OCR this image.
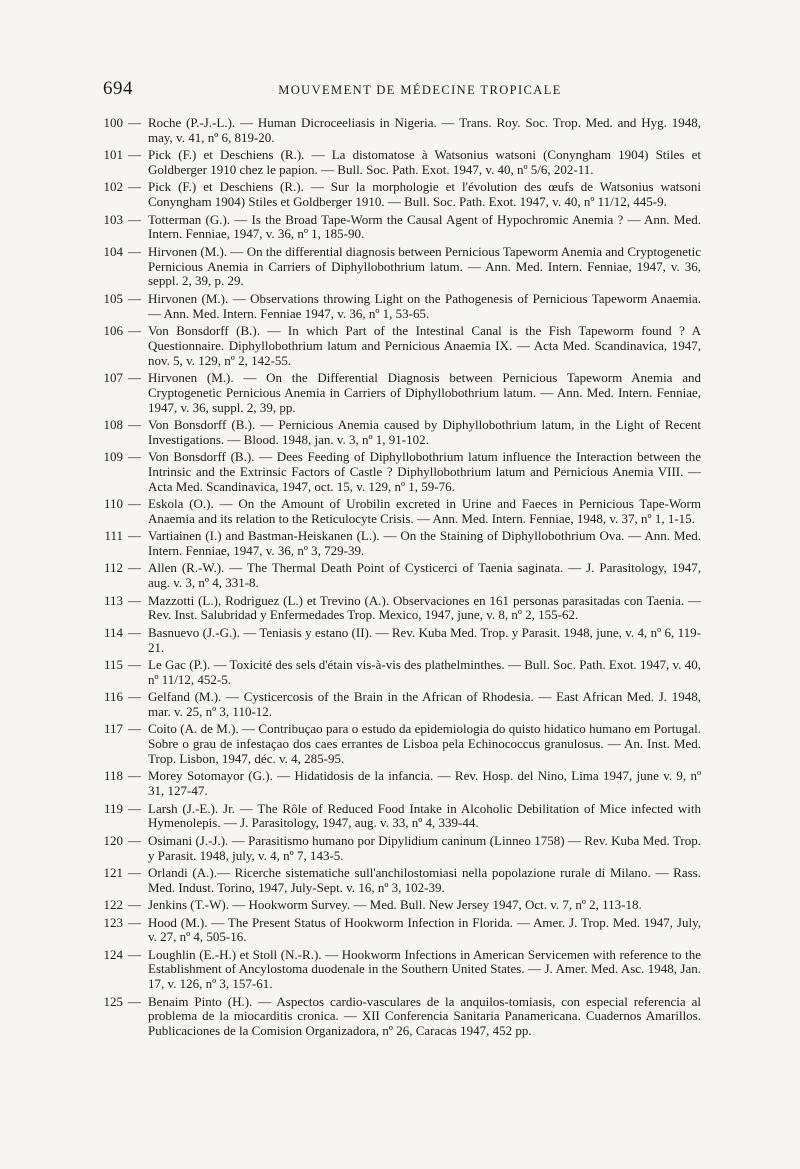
694	MOUVEMENT DE MÉDECINE TROPICALE
100 — Roche (P.-J.-L.). — Human Dicroceeliasis in Nigeria. — Trans. Roy. Soc. Trop. Med. and Hyg. 1948, may, v. 41, nº 6, 819-20.
101 — Pick (F.) et Deschiens (R.). — La distomatose à Watsonius watsoni (Conyngham 1904) Stiles et Goldberger 1910 chez le papion. — Bull. Soc. Path. Exot. 1947, v. 40, nº 5/6, 202-11.
102 — Pick (F.) et Deschiens (R.). — Sur la morphologie et l'évolution des œufs de Watsonius watsoni Conyngham 1904) Stiles et Goldberger 1910. — Bull. Soc. Path. Exot. 1947, v. 40, nº 11/12, 445-9.
103 — Totterman (G.). — Is the Broad Tape-Worm the Causal Agent of Hypochromic Anemia ? — Ann. Med. Intern. Fenniae, 1947, v. 36, nº 1, 185-90.
104 — Hirvonen (M.). — On the differential diagnosis between Pernicious Tapeworm Anemia and Cryptogenetic Pernicious Anemia in Carriers of Diphyllobothrium latum. — Ann. Med. Intern. Fenniae, 1947, v. 36, seppl. 2, 39, p. 29.
105 — Hirvonen (M.). — Observations throwing Light on the Pathogenesis of Pernicious Tapeworm Anaemia. — Ann. Med. Intern. Fenniae 1947, v. 36, nº 1, 53-65.
106 — Von Bonsdorff (B.). — In which Part of the Intestinal Canal is the Fish Tapeworm found ? A Questionnaire. Diphyllobothrium latum and Pernicious Anaemia IX. — Acta Med. Scandinavica, 1947, nov. 5, v. 129, nº 2, 142-55.
107 — Hirvonen (M.). — On the Differential Diagnosis between Pernicious Tapeworm Anemia and Cryptogenetic Pernicious Anemia in Carriers of Diphyllobothrium latum. — Ann. Med. Intern. Fenniae, 1947, v. 36, suppl. 2, 39, pp.
108 — Von Bonsdorff (B.). — Pernicious Anemia caused by Diphyllobothrium latum, in the Light of Recent Investigations. — Blood. 1948, jan. v. 3, nº 1, 91-102.
109 — Von Bonsdorff (B.). — Dees Feeding of Diphyllobothrium latum influence the Interaction between the Intrinsic and the Extrinsic Factors of Castle ? Diphyllobothrium latum and Pernicious Anemia VIII. — Acta Med. Scandinavica, 1947, oct. 15, v. 129, nº 1, 59-76.
110 — Eskola (O.). — On the Amount of Urobilin excreted in Urine and Faeces in Pernicious Tape-Worm Anaemia and its relation to the Reticulocyte Crisis. — Ann. Med. Intern. Fenniae, 1948, v. 37, nº 1, 1-15.
111 — Vartiainen (I.) and Bastman-Heiskanen (L.). — On the Staining of Diphyllobothrium Ova. — Ann. Med. Intern. Fenniae, 1947, v. 36, nº 3, 729-39.
112 — Allen (R.-W.). — The Thermal Death Point of Cysticerci of Taenia saginata. — J. Parasitology, 1947, aug. v. 3, nº 4, 331-8.
113 — Mazzotti (L.), Rodriguez (L.) et Trevino (A.). Observaciones en 161 personas parasitadas con Taenia. — Rev. Inst. Salubridad y Enfermedades Trop. Mexico, 1947, june, v. 8, nº 2, 155-62.
114 — Basnuevo (J.-G.). — Teniasis y estano (II). — Rev. Kuba Med. Trop. y Parasit. 1948, june, v. 4, nº 6, 119-21.
115 — Le Gac (P.). — Toxicité des sels d'étain vis-à-vis des plathelminthes. — Bull. Soc. Path. Exot. 1947, v. 40, nº 11/12, 452-5.
116 — Gelfand (M.). — Cysticercosis of the Brain in the African of Rhodesia. — East African Med. J. 1948, mar. v. 25, nº 3, 110-12.
117 — Coito (A. de M.). — Contribuçao para o estudo da epidemiologia do quisto hidatico humano em Portugal. Sobre o grau de infestaçao dos caes errantes de Lisboa pela Echinococcus granulosus. — An. Inst. Med. Trop. Lisbon, 1947, déc. v. 4, 285-95.
118 — Morey Sotomayor (G.). — Hidatidosis de la infancia. — Rev. Hosp. del Nino, Lima 1947, june v. 9, nº 31, 127-47.
119 — Larsh (J.-E.). Jr. — The Rôle of Reduced Food Intake in Alcoholic Debilitation of Mice infected with Hymenolepis. — J. Parasitology, 1947, aug. v. 33, nº 4, 339-44.
120 — Osimani (J.-J.). — Parasitismo humano por Dipylidium caninum (Linneo 1758) — Rev. Kuba Med. Trop. y Parasit. 1948, july, v. 4, nº 7, 143-5.
121 — Orlandi (A.).— Ricerche sistematiche sull'anchilostomiasi nella popolazione rurale di Milano. — Rass. Med. Indust. Torino, 1947, July-Sept. v. 16, nº 3, 102-39.
122 — Jenkins (T.-W). — Hookworm Survey. — Med. Bull. New Jersey 1947, Oct. v. 7, nº 2, 113-18.
123 — Hood (M.). — The Present Status of Hookworm Infection in Florida. — Amer. J. Trop. Med. 1947, July, v. 27, nº 4, 505-16.
124 — Loughlin (E.-H.) et Stoll (N.-R.). — Hookworm Infections in American Servicemen with reference to the Establishment of Ancylostoma duodenale in the Southern United States. — J. Amer. Med. Asc. 1948, Jan. 17, v. 126, nº 3, 157-61.
125 — Benaim Pinto (H.). — Aspectos cardio-vasculares de la anquilos-tomiasis, con especial referencia al problema de la miocarditis cronica. — XII Conferencia Sanitaria Panamericana. Cuadernos Amarillos. Publicaciones de la Comision Organizadora, nº 26, Caracas 1947, 452 pp.
